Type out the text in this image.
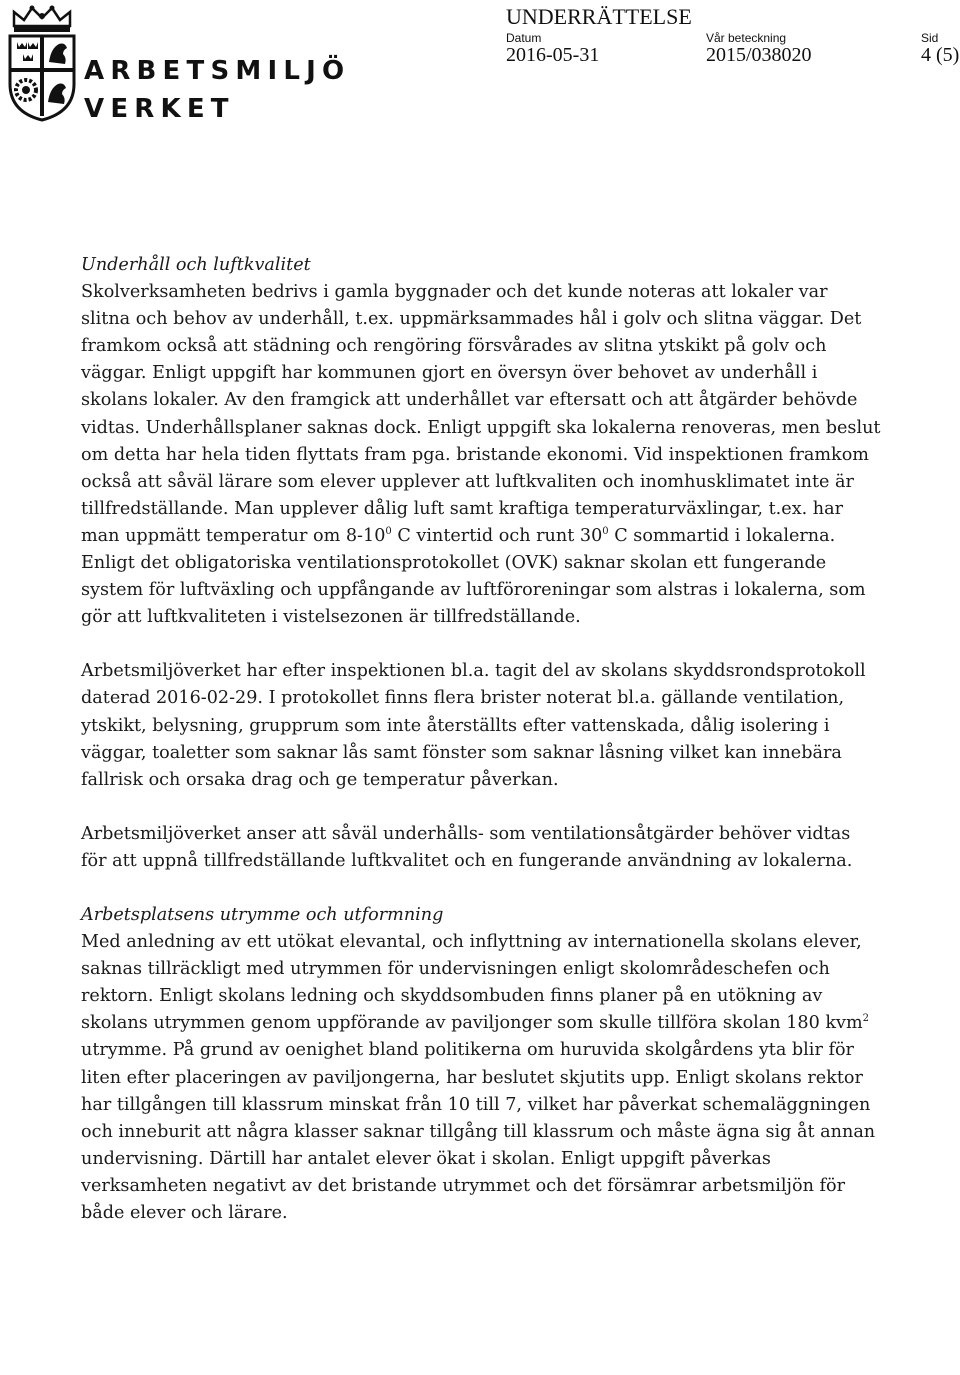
ARBETSMILJÖ
VERKET
UNDERRÄTTELSE
Datum
2016-05-31
Vår beteckning
2015/038020
Sid
4 (5)

Underhåll och luftkvalitet
Skolverksamheten bedrivs i gamla byggnader och det kunde noteras att lokaler var slitna och behov av underhåll, t.ex. uppmärksammades hål i golv och slitna väggar. Det framkom också att städning och rengöring försvårades av slitna ytskikt på golv och väggar. Enligt uppgift har kommunen gjort en översyn över behovet av underhåll i skolans lokaler. Av den framgick att underhållet var eftersatt och att åtgärder behövde vidtas. Underhållsplaner saknas dock. Enligt uppgift ska lokalerna renoveras, men beslut om detta har hela tiden flyttats fram pga. bristande ekonomi. Vid inspektionen framkom också att såväl lärare som elever upplever att luftkvaliten och inomhusklimatet inte är tillfredställande. Man upplever dålig luft samt kraftiga temperaturväxlingar, t.ex. har man uppmätt temperatur om $8-10^0$ C vintertid och runt $30^0$ C sommartid i lokalerna. Enligt det obligatoriska ventilationsprotokollet (OVK) saknar skolan ett fungerande system för luftväxling och uppfångande av luftföroreningar som alstras i lokalerna, som gör att luftkvaliteten i vistelsezonen är tillfredställande.

Arbetsmiljöverket har efter inspektionen bl.a. tagit del av skolans skyddsrondsprotokoll daterad 2016-02-29. I protokollet finns flera brister noterat bl.a. gällande ventilation, ytskikt, belysning, grupprum som inte återställts efter vattenskada, dålig isolering i väggar, toaletter som saknar lås samt fönster som saknar låsning vilket kan innebära fallrisk och orsaka drag och ge temperatur påverkan.

Arbetsmiljöverket anser att såväl underhålls- som ventilationsåtgärder behöver vidtas för att uppnå tillfredställande luftkvalitet och en fungerande användning av lokalerna.

Arbetsplatsens utrymme och utformning
Med anledning av ett utökat elevantal, och inflyttning av internationella skolans elever, saknas tillräckligt med utrymmen för undervisningen enligt skolområdeschefen och rektorn. Enligt skolans ledning och skyddsombuden finns planer på en utökning av skolans utrymmen genom uppförande av paviljonger som skulle tillföra skolan 180 kvm$^2$ utrymme. På grund av oenighet bland politikerna om huruvida skolgårdens yta blir för liten efter placeringen av paviljongerna, har beslutet skjutits upp. Enligt skolans rektor har tillgången till klassrum minskat från 10 till 7, vilket har påverkat schemaläggningen och inneburit att några klasser saknar tillgång till klassrum och måste ägna sig åt annan undervisning. Därtill har antalet elever ökat i skolan. Enligt uppgift påverkas verksamheten negativt av det bristande utrymmet och det försämrar arbetsmiljön för både elever och lärare.
